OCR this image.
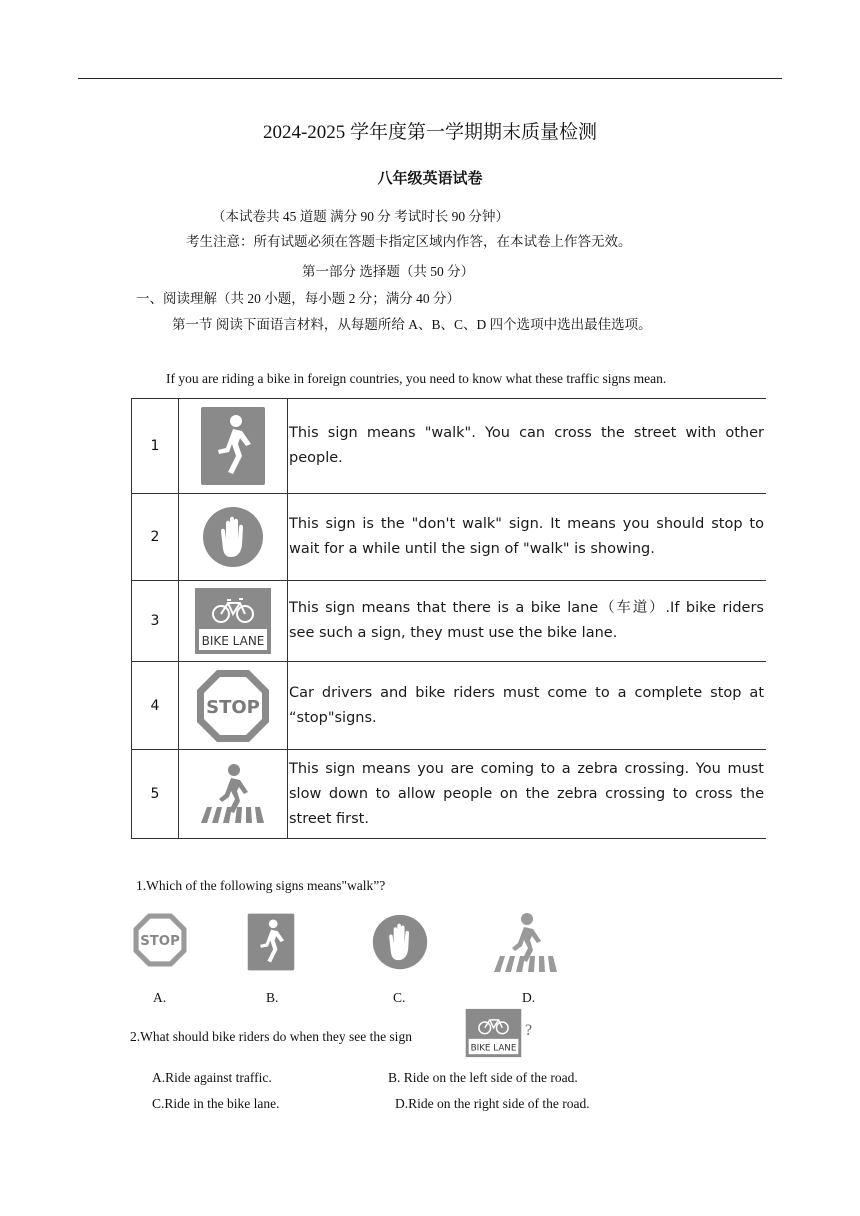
2024-2025 学年度第一学期期末质量检测
八年级英语试卷
（本试卷共 45 道题 满分 90 分 考试时长 90 分钟）
考生注意：所有试题必须在答题卡指定区域内作答，在本试卷上作答无效。
第一部分 选择题（共 50 分）
一、阅读理解（共 20 小题，每小题 2 分；满分 40 分）
第一节 阅读下面语言材料，从每题所给 A、B、C、D 四个选项中选出最佳选项。
If you are riding a bike in foreign countries, you need to know what these traffic signs mean.
1		This sign means "walk". You can cross the street with other people.
2		This sign is the "don't walk" sign. It means you should stop to wait for a while until the sign of "walk" is showing.
3	BIKE LANE	This sign means that there is a bike lane（车道）.If bike riders see such a sign, they must use the bike lane.
4	STOP	Car drivers and bike riders must come to a complete stop at “stop"signs.
5		This sign means you are coming to a zebra crossing. You must slow down to allow people on the zebra crossing to cross the street first.
1.Which of the following signs means"walk”?
STOP
A.	B.	C.	D.
2.What should bike riders do when they see the sign
BIKE LANE
?
A.Ride against traffic.	B. Ride on the left side of the road.
C.Ride in the bike lane.	D.Ride on the right side of the road.
